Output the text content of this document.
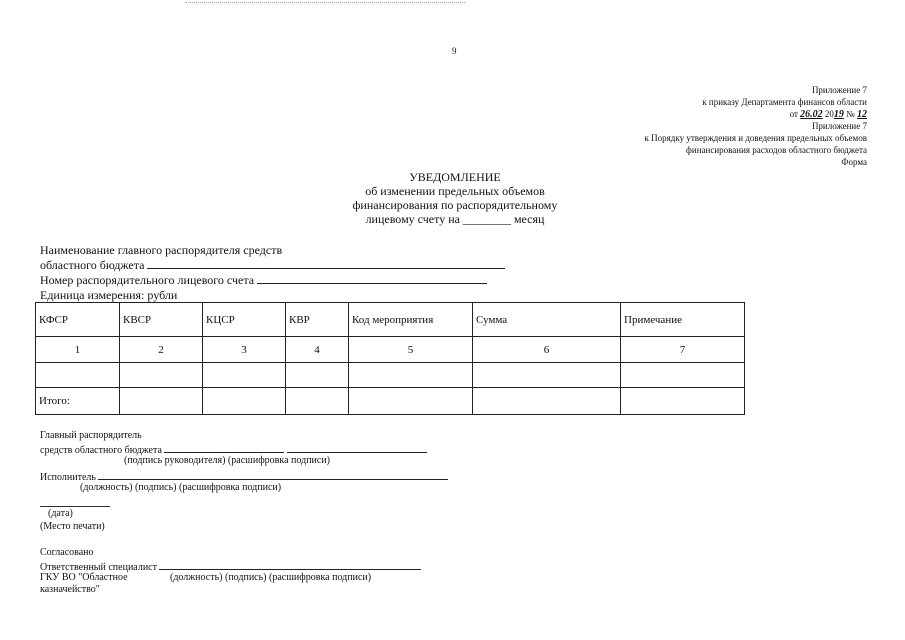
9
Приложение 7
к приказу Департамента финансов области
от 26.02 2019 № 12
Приложение 7
к Порядку утверждения и доведения предельных объемов
финансирования расходов областного бюджета
Форма
УВЕДОМЛЕНИЕ
об изменении предельных объемов
финансирования по распорядительному
лицевому счету на ________ месяц
Наименование главного распорядителя средств
областного бюджета
Номер распорядительного лицевого счета
Единица измерения: рубли
КФСР	КВСР	КЦСР	КВР	Код мероприятия	Сумма	Примечание
1	2	3	4	5	6	7

Итого:						
Главный распорядитель
средств областного бюджета
(подпись руководителя) (расшифровка подписи)
Исполнитель
(должность) (подпись) (расшифровка подписи)
(дата)
(Место печати)
Согласовано
Ответственный специалист
ГКУ ВО "Областное	(должность) (подпись) (расшифровка подписи)
казначейство"
